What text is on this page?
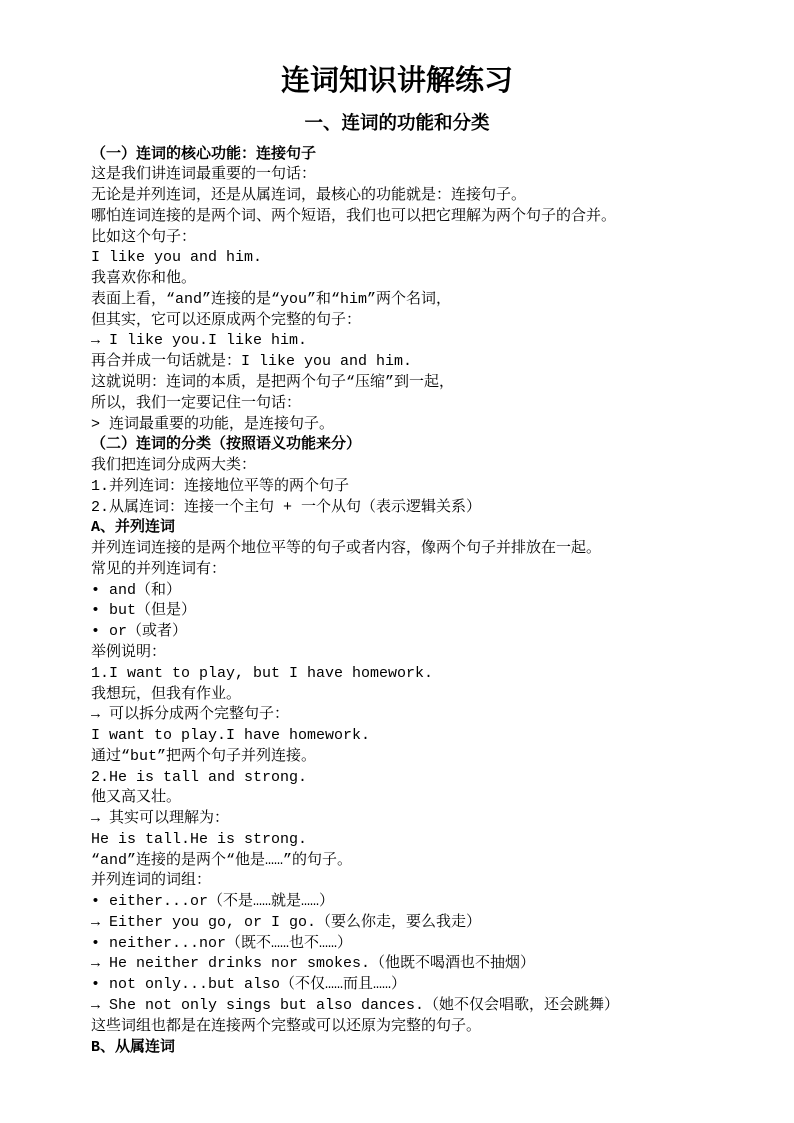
连词知识讲解练习
一、连词的功能和分类
（一）连词的核心功能：连接句子
这是我们讲连词最重要的一句话：
无论是并列连词，还是从属连词，最核心的功能就是：连接句子。
哪怕连词连接的是两个词、两个短语，我们也可以把它理解为两个句子的合并。
比如这个句子：
I like you and him.
我喜欢你和他。
表面上看，“and”连接的是“you”和“him”两个名词，
但其实，它可以还原成两个完整的句子：
→ I like you.I like him.
再合并成一句话就是：I like you and him.
这就说明：连词的本质，是把两个句子“压缩”到一起，
所以，我们一定要记住一句话：
> 连词最重要的功能，是连接句子。
（二）连词的分类（按照语义功能来分）
我们把连词分成两大类：
1.并列连词：连接地位平等的两个句子
2.从属连词：连接一个主句 + 一个从句（表示逻辑关系）
A、并列连词
并列连词连接的是两个地位平等的句子或者内容，像两个句子并排放在一起。
常见的并列连词有：
• and（和）
• but（但是）
• or（或者）
举例说明：
1.I want to play, but I have homework.
我想玩，但我有作业。
→ 可以拆分成两个完整句子：
I want to play.I have homework.
通过“but”把两个句子并列连接。
2.He is tall and strong.
他又高又壮。
→ 其实可以理解为：
He is tall.He is strong.
“and”连接的是两个“他是……”的句子。
并列连词的词组：
• either...or（不是……就是……）
→ Either you go, or I go.（要么你走，要么我走）
• neither...nor（既不……也不……）
→ He neither drinks nor smokes.（他既不喝酒也不抽烟）
• not only...but also（不仅……而且……）
→ She not only sings but also dances.（她不仅会唱歌，还会跳舞）
这些词组也都是在连接两个完整或可以还原为完整的句子。
B、从属连词
